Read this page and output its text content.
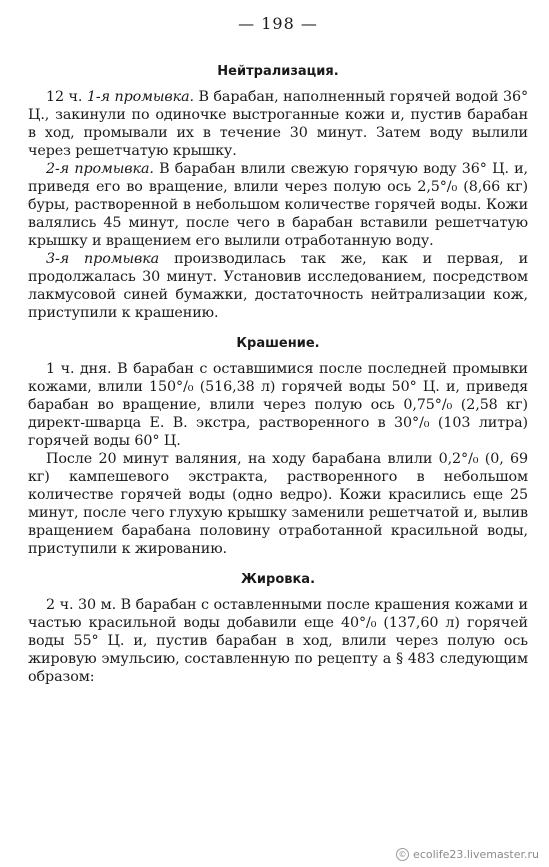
— 198 —
Нейтрализация.

12 ч. 1-я промывка. В барабан, наполненный горячей водой 36° Ц., закинули по одиночке выстроганные кожи и, пустив барабан в ход, промывали их в течение 30 минут. Затем воду вылили через решетчатую крышку.

2-я промывка. В барабан влили свежую горячую воду 36° Ц. и, приведя его во вращение, влили через полую ось 2,5°/₀ (8,66 кг) буры, растворенной в небольшом количестве горячей воды. Кожи валялись 45 минут, после чего в барабан вставили решетчатую крышку и вращением его вылили отработанную воду.

3-я промывка производилась так же, как и первая, и продолжалась 30 минут. Установив исследованием, посредством лакмусовой синей бумажки, достаточность нейтрализации кож, приступили к крашению.

Крашение.

1 ч. дня. В барабан с оставшимися после последней промывки кожами, влили 150°/₀ (516,38 л) горячей воды 50° Ц. и, приведя барабан во вращение, влили через полую ось 0,75°/₀ (2,58 кг) директ-шварца Е. В. экстра, растворенного в 30°/₀ (103 литра) горячей воды 60° Ц.

После 20 минут валяния, на ходу барабана влили 0,2°/₀ (0, 69 кг) кампешевого экстракта, растворенного в небольшом количестве горячей воды (одно ведро). Кожи красились еще 25 минут, после чего глухую крышку заменили решетчатой и, вылив вращением барабана половину отработанной красильной воды, приступили к жированию.

Жировка.

2 ч. 30 м. В барабан с оставленными после крашения кожами и частью красильной воды добавили еще 40°/₀ (137,60 л) горячей воды 55° Ц. и, пустив барабан в ход, влили через полую ось жировую эмульсию, составленную по рецепту а § 483 следующим образом:

© ecolife23.livemaster.ru
